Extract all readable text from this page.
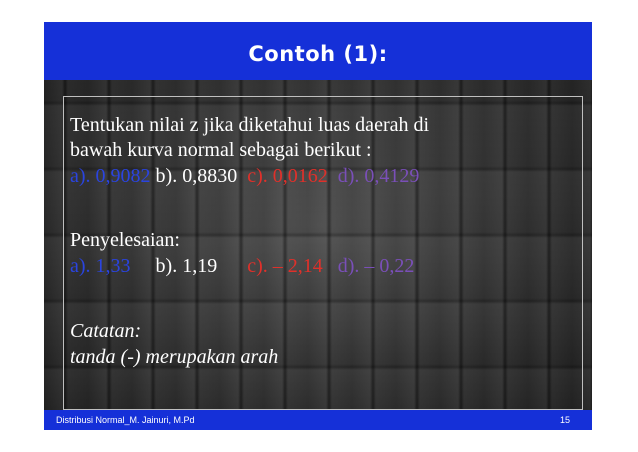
Contoh (1):
Tentukan nilai z jika diketahui luas daerah di
bawah kurva normal sebagai berikut :
a). 0,9082 b). 0,8830 c). 0,0162 d). 0,4129
Penyelesaian:
a). 1,33 b). 1,19 c). – 2,14 d). – 0,22
Catatan:
tanda (-) merupakan arah
Distribusi Normal_M. Jainuri, M.Pd	15
